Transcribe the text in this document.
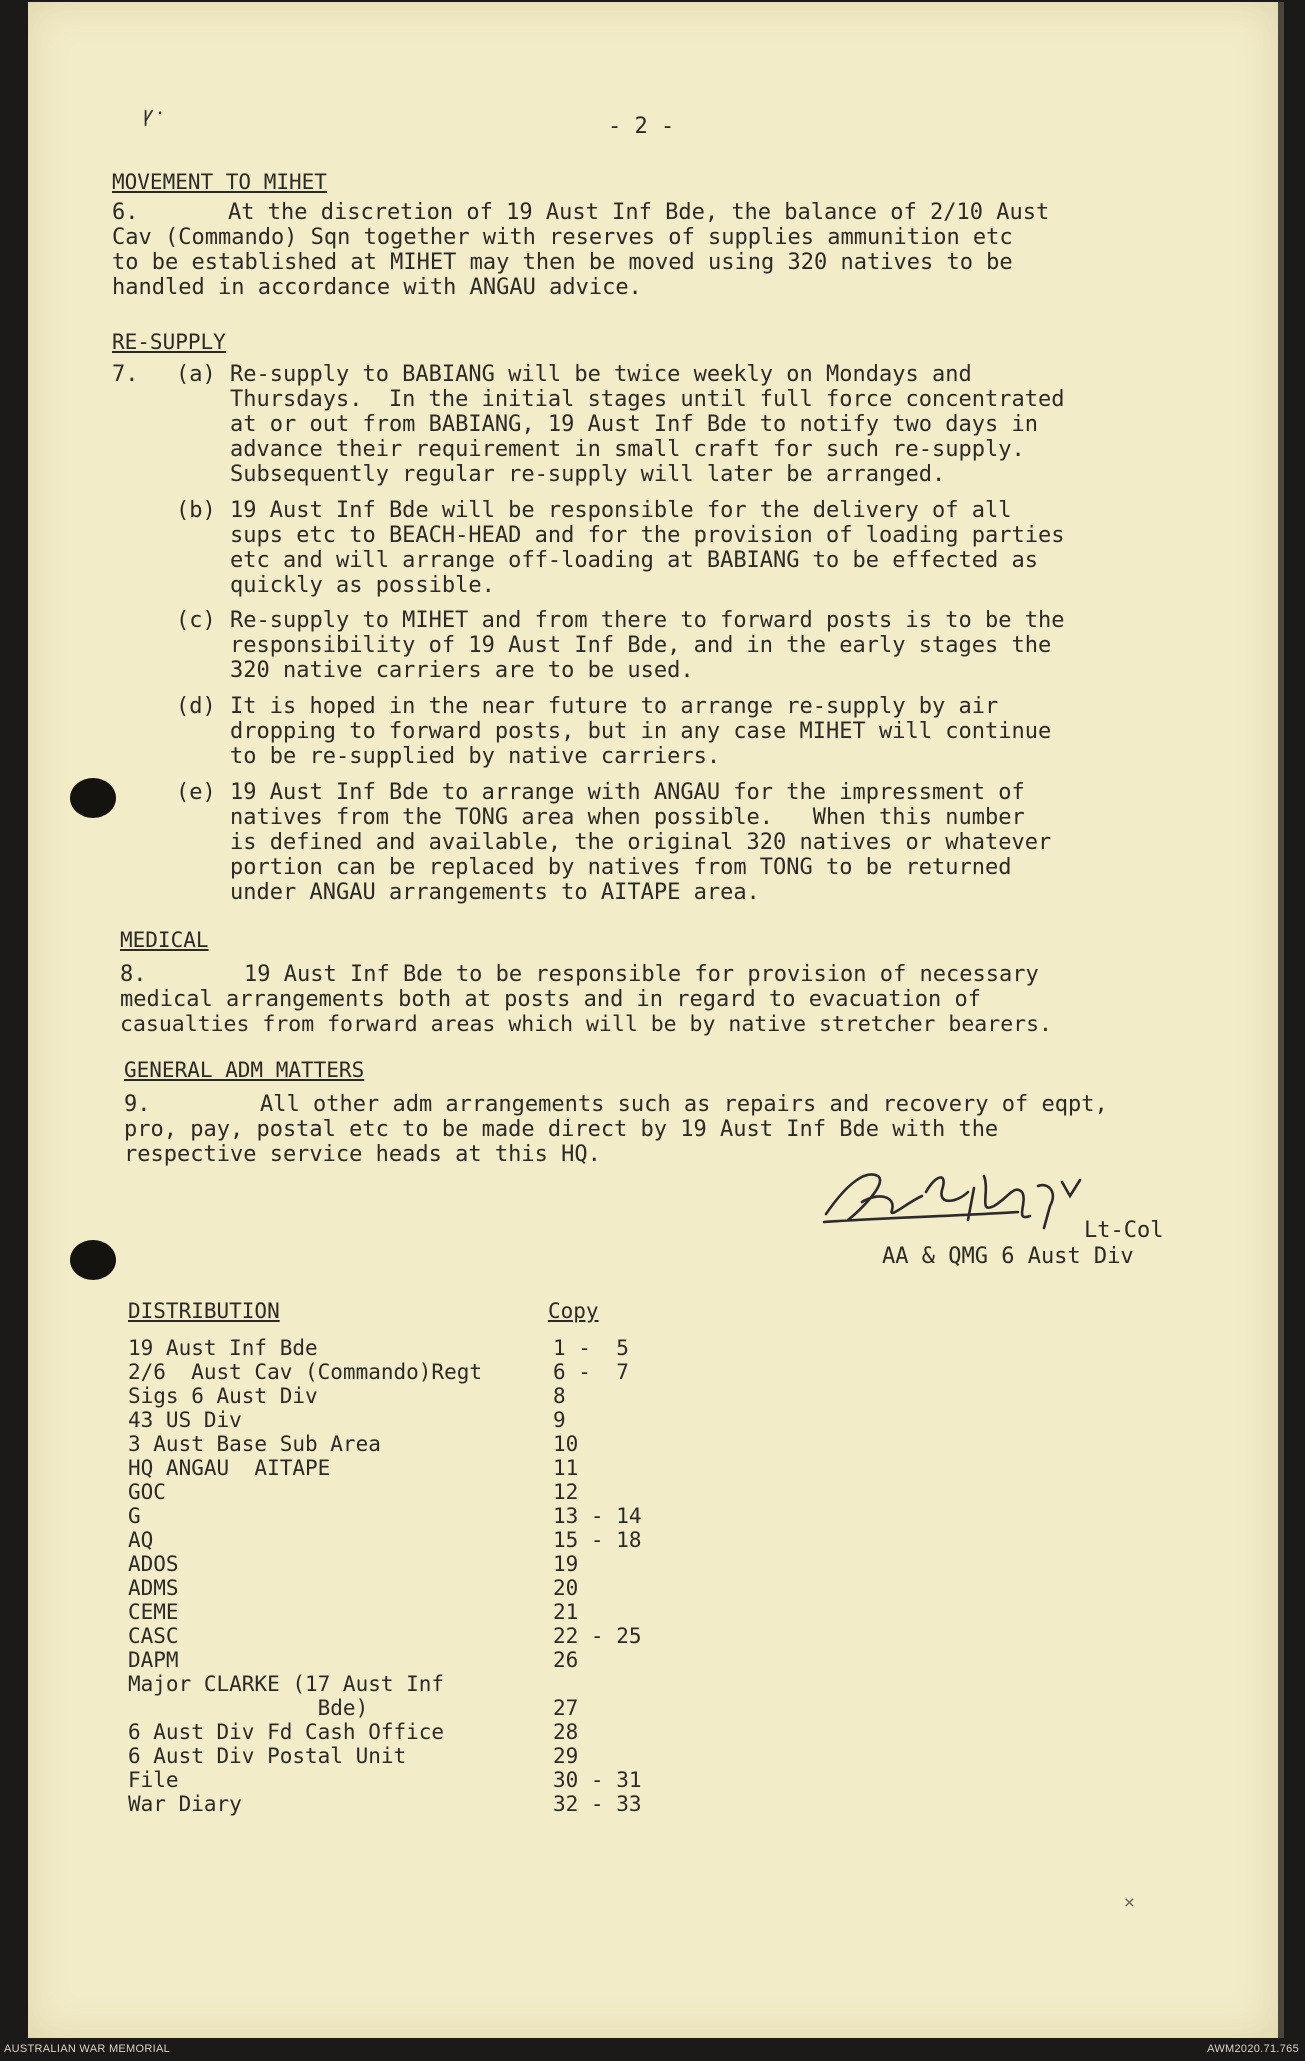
ꝩ᠂	- 2 -
MOVEMENT TO MIHET
6.	At the discretion of 19 Aust Inf Bde, the balance of 2/10 Aust
Cav (Commando) Sqn together with reserves of supplies ammunition etc
to be established at MIHET may then be moved using 320 natives to be
handled in accordance with ANGAU advice.
RE-SUPPLY
7. (a) Re-supply to BABIANG will be twice weekly on Mondays and
Thursdays.  In the initial stages until full force concentrated
at or out from BABIANG, 19 Aust Inf Bde to notify two days in
advance their requirement in small craft for such re-supply.
Subsequently regular re-supply will later be arranged.
(b) 19 Aust Inf Bde will be responsible for the delivery of all
sups etc to BEACH-HEAD and for the provision of loading parties
etc and will arrange off-loading at BABIANG to be effected as
quickly as possible.
(c) Re-supply to MIHET and from there to forward posts is to be the
responsibility of 19 Aust Inf Bde, and in the early stages the
320 native carriers are to be used.
(d) It is hoped in the near future to arrange re-supply by air
dropping to forward posts, but in any case MIHET will continue
to be re-supplied by native carriers.
(e) 19 Aust Inf Bde to arrange with ANGAU for the impressment of
natives from the TONG area when possible.   When this number
is defined and available, the original 320 natives or whatever
portion can be replaced by natives from TONG to be returned
under ANGAU arrangements to AITAPE area.
MEDICAL
8.	19 Aust Inf Bde to be responsible for provision of necessary
medical arrangements both at posts and in regard to evacuation of
casualties from forward areas which will be by native stretcher bearers.
GENERAL ADM MATTERS
9.	All other adm arrangements such as repairs and recovery of eqpt,
pro, pay, postal etc to be made direct by 19 Aust Inf Bde with the
respective service heads at this HQ.
Lt-Col
AA & QMG 6 Aust Div
DISTRIBUTION	Copy
19 Aust Inf Bde	1 -  5
2/6  Aust Cav (Commando)Regt	6 -  7
Sigs 6 Aust Div	8
43 US Div	9
3 Aust Base Sub Area	10
HQ ANGAU  AITAPE	11
GOC	12
G	13 - 14
AQ	15 - 18
ADOS	19
ADMS	20
CEME	21
CASC	22 - 25
DAPM	26
Major CLARKE (17 Aust Inf
Bde)	27
6 Aust Div Fd Cash Office	28
6 Aust Div Postal Unit	29
File	30 - 31
War Diary	32 - 33
×
AUSTRALIAN WAR MEMORIAL	AWM2020.71.765
